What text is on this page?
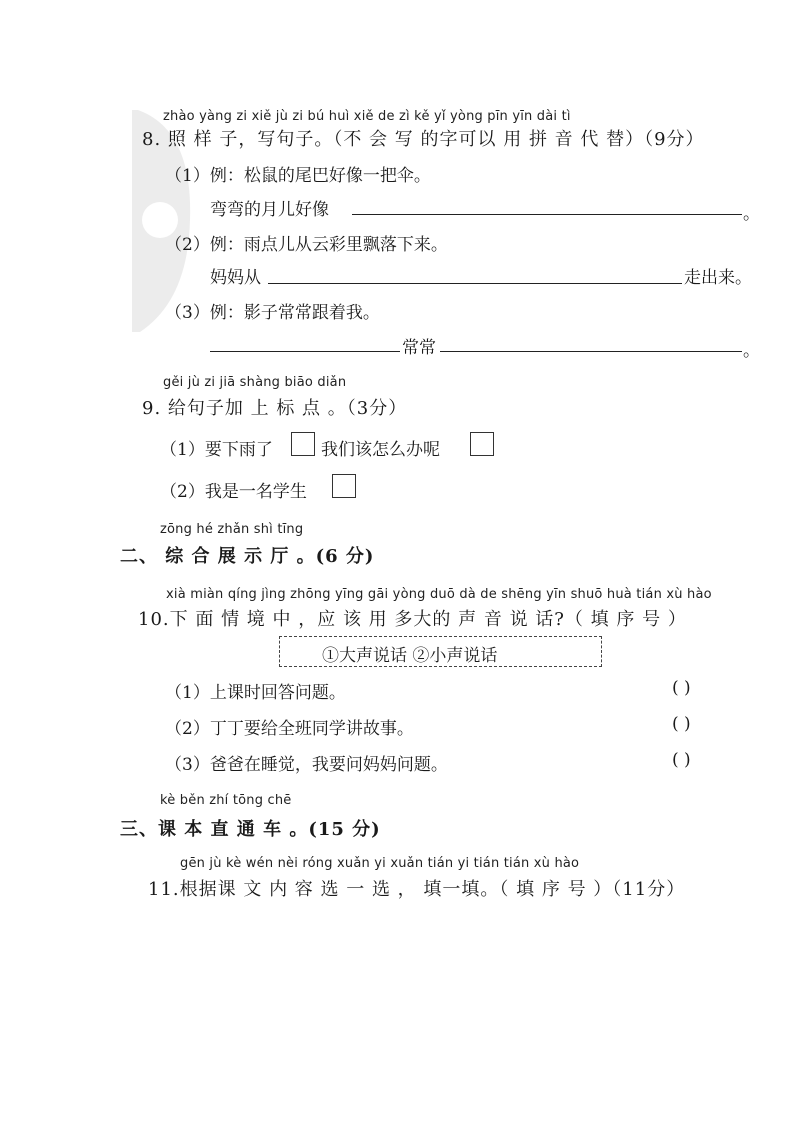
zhào yàng zi xiě jù zi bú huì xiě de zì kě yǐ yòng pīn yīn dài tì
8. 照 样 子，写句子。（不 会 写 的字可以 用 拼 音 代 替）（9分）
（1）例：松鼠的尾巴好像一把伞。
弯弯的月儿好像	。
（2）例：雨点儿从云彩里飘落下来。
妈妈从	走出来。
（3）例：影子常常跟着我。
常常	。
gěi jù zi jiā shàng biāo diǎn
9. 给句子加 上 标 点 。（3分）
（1）要下雨了	我们该怎么办呢
（2）我是一名学生
zōng hé zhǎn shì tīng
二、 综 合 展 示 厅 。(6 分)
xià miàn qíng jìng zhōng yīng gāi yòng duō dà de shēng yīn shuō huà tián xù hào
10.下 面 情 境 中 ，应 该 用 多大的 声 音 说 话?（ 填 序 号 ）
①大声说话 ②小声说话
（1）上课时回答问题。	( )
（2）丁丁要给全班同学讲故事。	( )
（3）爸爸在睡觉，我要问妈妈问题。	( )
kè běn zhí tōng chē
三、课 本 直 通 车 。(15 分)
gēn jù kè wén nèi róng xuǎn yi xuǎn tián yi tián tián xù hào
11.根据课 文 内 容 选 一 选 ， 填一填。（ 填 序 号 ）（11分）
